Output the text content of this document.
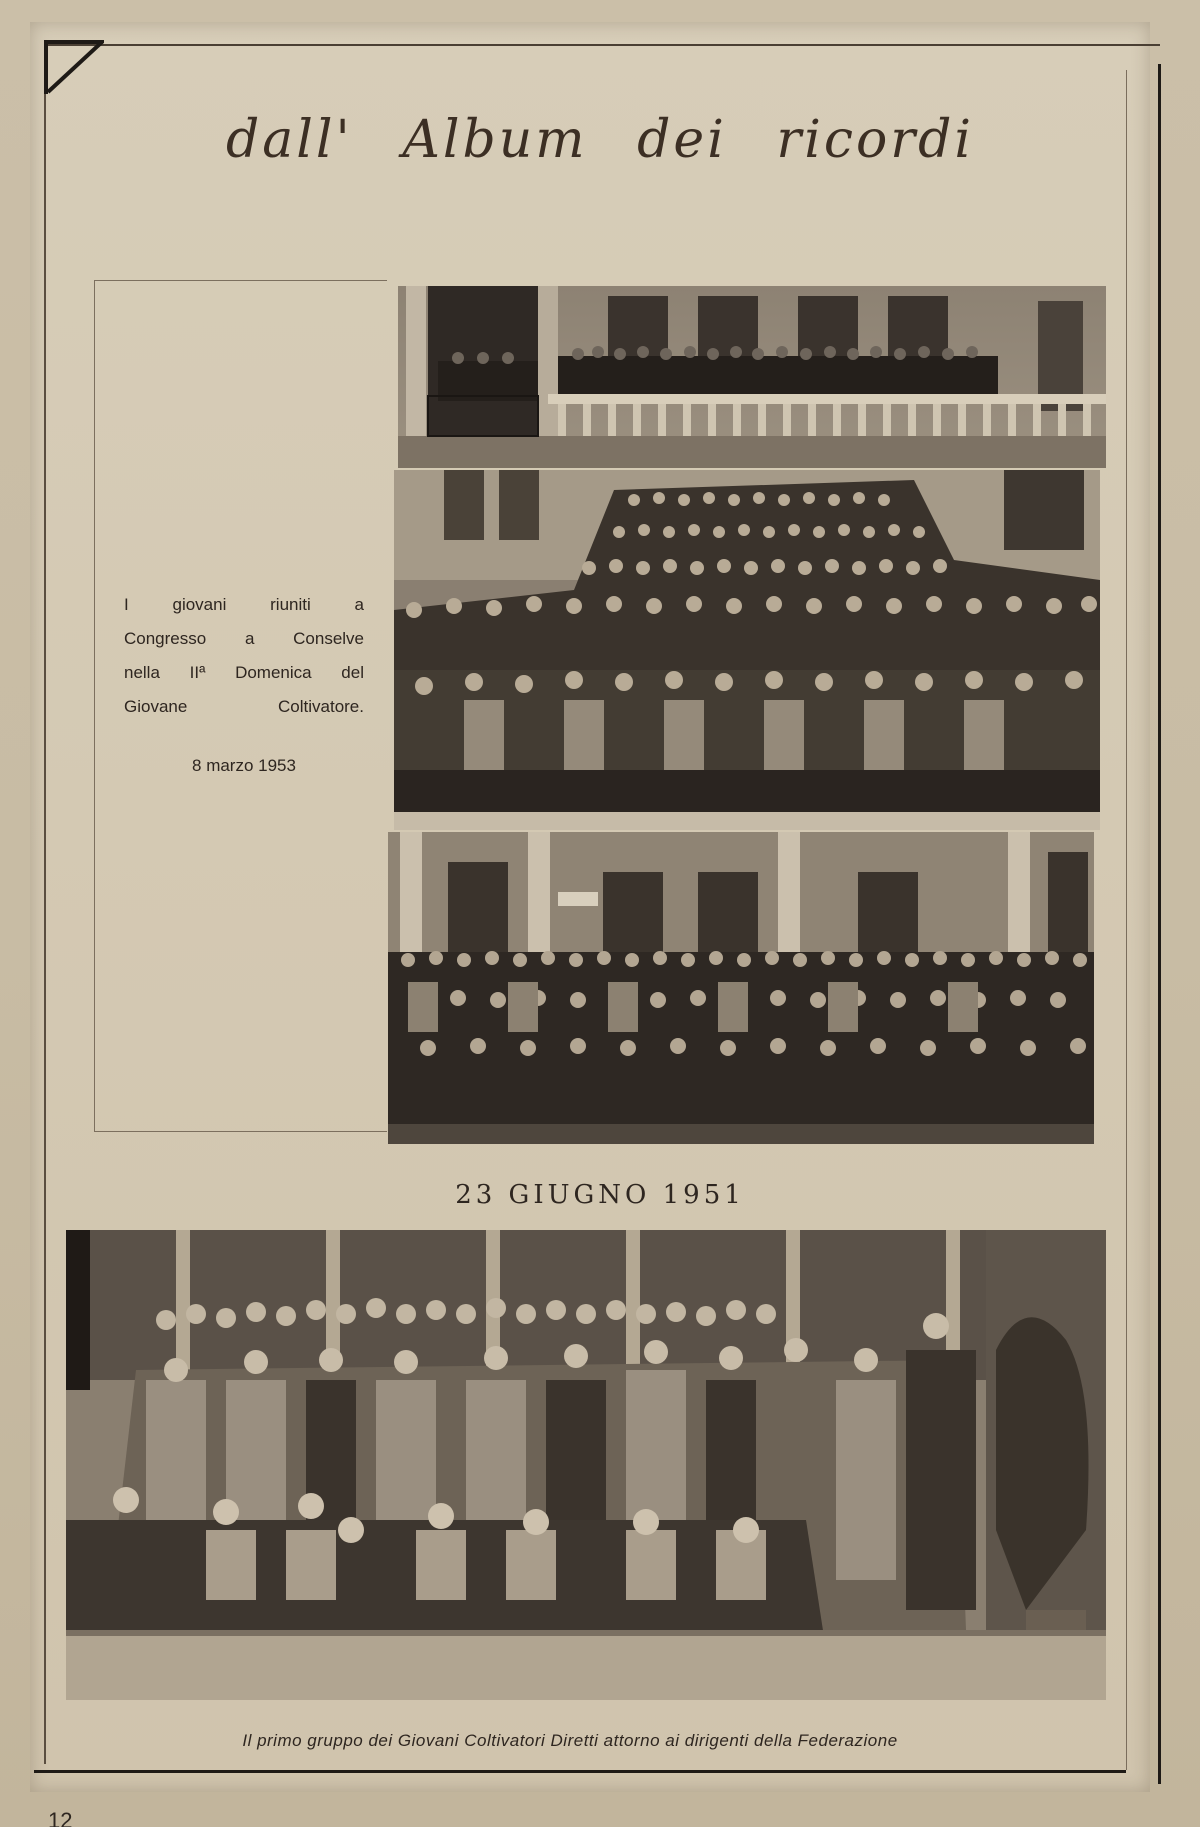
dall' Album dei ricordi
I giovani riuniti a
Congresso a Conselve
nella IIª Domenica del
Giovane Coltivatore.
8 marzo 1953
23 GIUGNO 1951
Il primo gruppo dei Giovani Coltivatori Diretti attorno ai dirigenti della Federazione
12
